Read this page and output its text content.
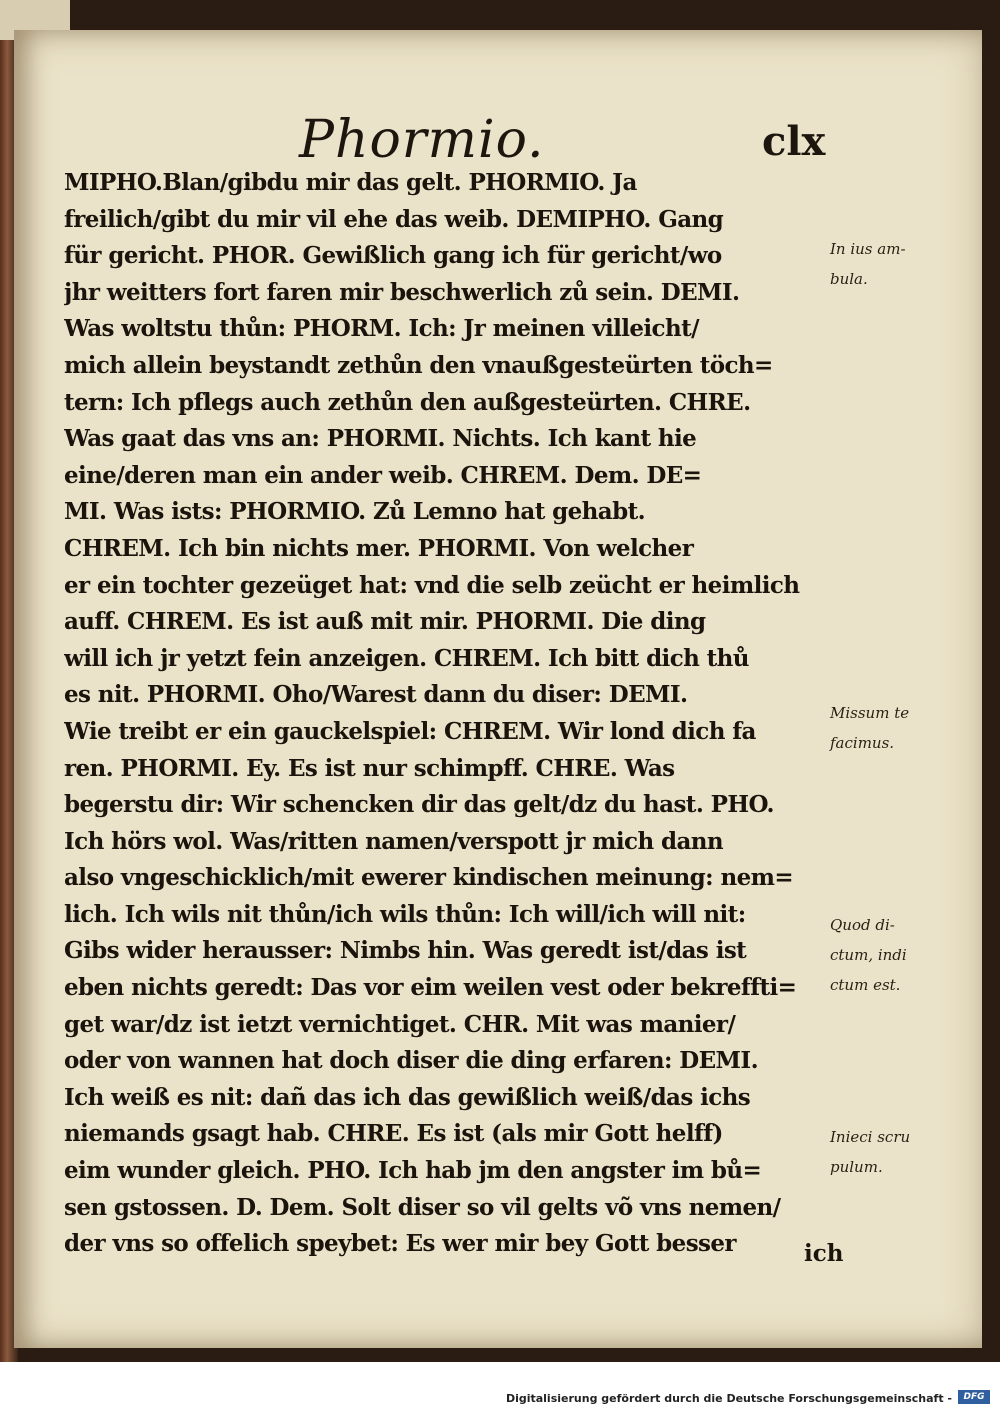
Phormio.	clx
MIPHO.Blan/gibdu mir das gelt. PHORMIO. Ja
freilich/gibt du mir vil ehe das weib. DEMIPHO. Gang
für gericht. PHOR. Gewißlich gang ich für gericht/wo
jhr weitters fort faren mir beschwerlich zů sein. DEMI.
Was woltstu thůn: PHORM. Ich: Jr meinen villeicht/
mich allein beystandt zethůn den vnaußgesteürten töch=
tern: Ich pflegs auch zethůn den außgesteürten. CHRE.
Was gaat das vns an: PHORMI. Nichts. Ich kant hie
eine/deren man ein ander weib. CHREM. Dem. DE=
MI. Was ists: PHORMIO. Zů Lemno hat gehabt.
CHREM. Ich bin nichts mer. PHORMI. Von welcher
er ein tochter gezeüget hat: vnd die selb zeücht er heimlich
auff. CHREM. Es ist auß mit mir. PHORMI. Die ding
will ich jr yetzt fein anzeigen. CHREM. Ich bitt dich thů
es nit. PHORMI. Oho/Warest dann du diser: DEMI.
Wie treibt er ein gauckelspiel: CHREM. Wir lond dich fa
ren. PHORMI. Ey. Es ist nur schimpff. CHRE. Was
begerstu dir: Wir schencken dir das gelt/dz du hast. PHO.
Ich hörs wol. Was/ritten namen/verspott jr mich dann
also vngeschicklich/mit ewerer kindischen meinung: nem=
lich. Ich wils nit thůn/ich wils thůn: Ich will/ich will nit:
Gibs wider herausser: Nimbs hin. Was geredt ist/das ist
eben nichts geredt: Das vor eim weilen vest oder bekreffti=
get war/dz ist ietzt vernichtiget. CHR. Mit was manier/
oder von wannen hat doch diser die ding erfaren: DEMI.
Ich weiß es nit: dañ das ich das gewißlich weiß/das ichs
niemands gsagt hab. CHRE. Es ist (als mir Gott helff)
eim wunder gleich. PHO. Ich hab jm den angster im bů=
sen gstossen. D. Dem. Solt diser so vil gelts võ vns nemen/
der vns so offelich speybet: Es wer mir bey Gott besser	ich
In ius am-
bula.
Missum te
facimus.
Quod di-
ctum, indi
ctum est.
Inieci scru
pulum.
Digitalisierung gefördert durch die Deutsche Forschungsgemeinschaft -	DFG
